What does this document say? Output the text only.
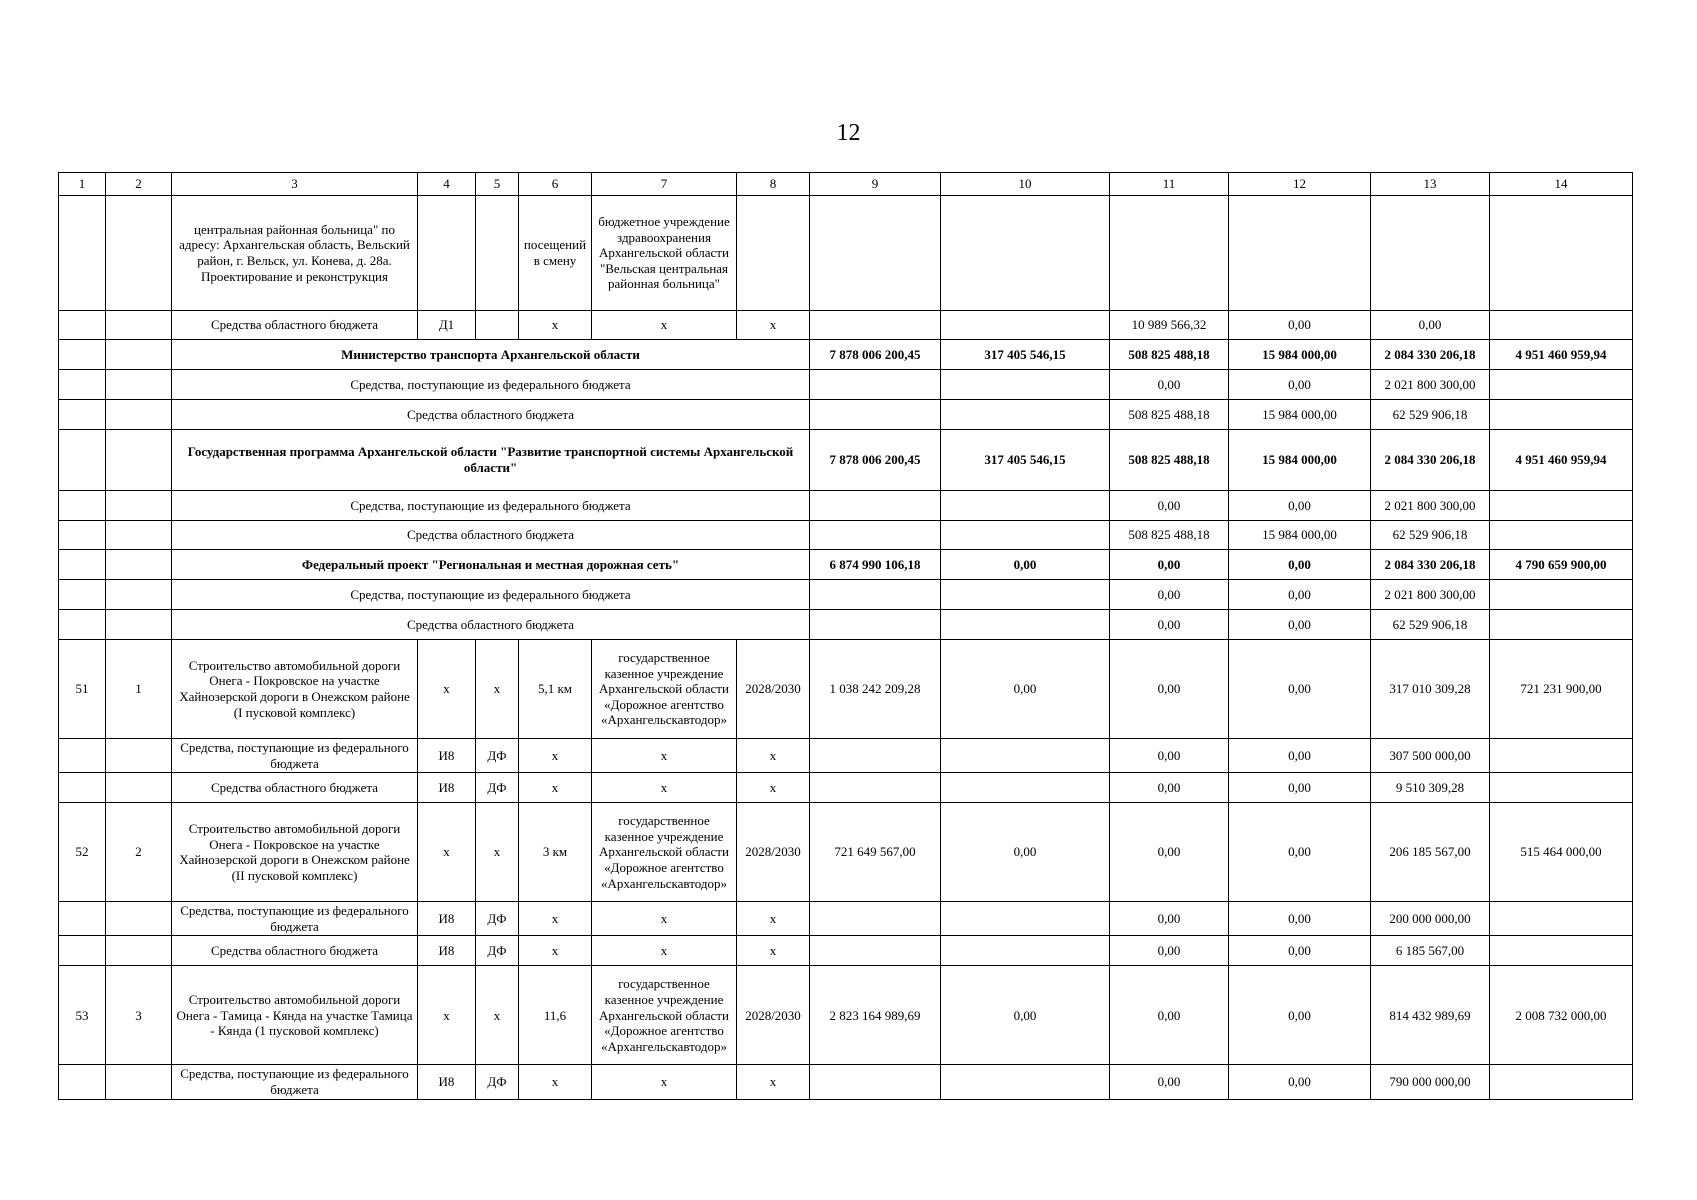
12
1	2	3	4	5	6	7	8	9	10	11	12	13	14
		центральная районная больница" по адресу: Архангельская область, Вельский район, г. Вельск, ул. Конева, д. 28а. Проектирование и реконструкция			посещений в смену	бюджетное учреждение здравоохранения Архангельской области "Вельская центральная районная больница"							
		Средства областного бюджета	Д1		х	х	х			10 989 566,32	0,00	0,00	
		Министерство транспорта Архангельской области						7 878 006 200,45	317 405 546,15	508 825 488,18	15 984 000,00	2 084 330 206,18	4 951 460 959,94
		Средства, поступающие из федерального бюджета								0,00	0,00	2 021 800 300,00	
		Средства областного бюджета								508 825 488,18	15 984 000,00	62 529 906,18	
		Государственная программа Архангельской области "Развитие транспортной системы Архангельской области"						7 878 006 200,45	317 405 546,15	508 825 488,18	15 984 000,00	2 084 330 206,18	4 951 460 959,94
		Средства, поступающие из федерального бюджета								0,00	0,00	2 021 800 300,00	
		Средства областного бюджета								508 825 488,18	15 984 000,00	62 529 906,18	
		Федеральный проект "Региональная и местная дорожная сеть"						6 874 990 106,18	0,00	0,00	0,00	2 084 330 206,18	4 790 659 900,00
		Средства, поступающие из федерального бюджета								0,00	0,00	2 021 800 300,00	
		Средства областного бюджета								0,00	0,00	62 529 906,18	
51	1	Строительство автомобильной дороги Онега - Покровское на участке Хайнозерской дороги в Онежском районе (I пусковой комплекс)	х	х	5,1 км	государственное казенное учреждение Архангельской области «Дорожное агентство «Архангельскавтодор»	2028/2030	1 038 242 209,28	0,00	0,00	0,00	317 010 309,28	721 231 900,00
		Средства, поступающие из федерального бюджета	И8	ДФ	х	х	х			0,00	0,00	307 500 000,00	
		Средства областного бюджета	И8	ДФ	х	х	х			0,00	0,00	9 510 309,28	
52	2	Строительство автомобильной дороги Онега - Покровское на участке Хайнозерской дороги в Онежском районе (II пусковой комплекс)	х	х	3 км	государственное казенное учреждение Архангельской области «Дорожное агентство «Архангельскавтодор»	2028/2030	721 649 567,00	0,00	0,00	0,00	206 185 567,00	515 464 000,00
		Средства, поступающие из федерального бюджета	И8	ДФ	х	х	х			0,00	0,00	200 000 000,00	
		Средства областного бюджета	И8	ДФ	х	х	х			0,00	0,00	6 185 567,00	
53	3	Строительство автомобильной дороги Онега - Тамица - Кянда на участке Тамица - Кянда (1 пусковой комплекс)	х	х	11,6	государственное казенное учреждение Архангельской области «Дорожное агентство «Архангельскавтодор»	2028/2030	2 823 164 989,69	0,00	0,00	0,00	814 432 989,69	2 008 732 000,00
		Средства, поступающие из федерального бюджета	И8	ДФ	х	х	х			0,00	0,00	790 000 000,00	
